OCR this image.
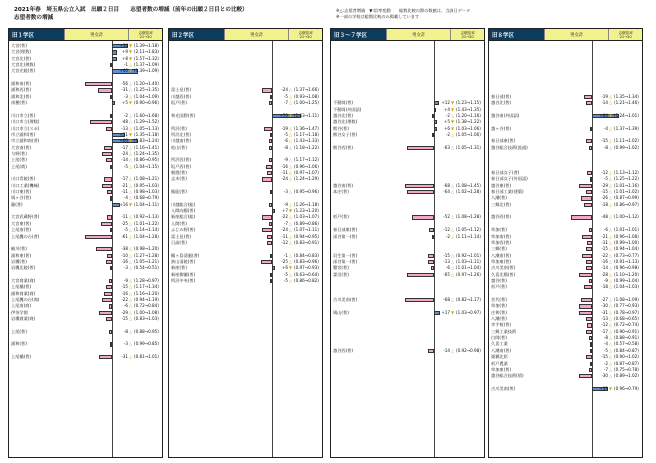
2021年春　埼玉県公立入試　出願２日目　　志望者数の増減（前年の出願２日目との比較）
志望者数の増減
※△:志望者増減　▼:倍率変動　　総数比較の際の数値は、当該日データ
※一部の学校は総数比較のみ掲載しています
旧１学区	男女計	志願倍率
21→20
大宮(普)	+36 ▼ (1.39→1.18)
大宮(理数)	+9 ▼ (2.11→1.83)
大宮北(普)	+8 ▼ (1.57→1.32)
大宮北(理数)	-1 △ (1.37→1.09)
大宮光陵(普)	+40 ▼ (1.39→1.09)
浦和南(普)	-56 △ (1.20→1.40)
浦和西(普)	-31 △ (1.25→1.35)
浦和北(普)	-3 △ (1.04→1.09)
南稜(普)	+5 ▼ (0.90→0.96)
川口市立(普)	-2 △ (1.60→1.68)
川口市立(理数)	-48 △ (1.29→1.52)
川口市立(スポ)	-13 △ (1.05→1.13)
市立浦和(普)	+31 ▼ (1.35→1.18)
市立浦和南(普)	+60 ▼ (1.83→1.24)
大宮南(普)	-17 △ (1.16→1.41)
与野(普)	-24 △ (1.24→1.35)
上尾(普)	-14 △ (0.86→0.95)
上尾(商)	-5 △ (1.04→1.15)
川口青陵(普)	-17 △ (1.08→1.21)
川口工業(機械)	-21 △ (0.95→1.03)
川口東(普)	-11 △ (0.98→1.03)
鳩ヶ谷(普)	-4 △ (0.68→0.79)
蕨(普)	+16 ▼ (1.04→1.11)
大宮武蔵野(普)	-11 △ (0.92→1.13)
大宮東(普)	-25 △ (1.01→1.22)
上尾南(普)	-5 △ (1.14→1.14)
上尾鷹の台(普)	-61 △ (1.04→1.28)
桶川(普)	-38 △ (0.98→1.20)
浦和東(普)	-10 △ (1.27→1.28)
岩槻(普)	-16 △ (1.05→1.21)
岩槻北陵(普)	-3 △ (0.54→0.51)
大宮商業(商)	-9 △ (1.28→0.97)
上尾橘(普)	-15 △ (1.17→1.34)
浦和商業(商)	-16 △ (1.16→1.20)
上尾鷹の台(商)	-22 △ (0.94→1.19)
上尾南(商)	-6 △ (0.72→0.84)
伊奈学園	-29 △ (1.00→1.08)
岩槻商業(商)	-15 △ (0.83→1.03)
上尾(普)	-8 △ (0.88→0.95)
浦和(普)	-3 △ (0.99→0.85)
上尾橘(普)	-31 △ (0.81→1.01)
旧２学区	男女計	志願倍率
21→20
富士見(普)	-24 △ (1.37→1.66)
川越西(普)	-5 △ (0.93→1.08)
坂戸(普)	-7 △ (1.00→1.25)
和光国際(普)	+70 ▼ (1.63→1.11)
所沢(普)	-19 △ (1.36→1.47)
所沢北(普)	-5 △ (1.17→1.18)
川越南(普)	-6 △ (1.43→1.33)
松山(普)	-8 △ (1.18→1.22)
所沢西(普)	-9 △ (1.17→1.12)
坂戸西(普)	-16 △ (0.96→1.06)
朝霞(普)	-11 △ (0.97→1.07)
志木(普)	-24 △ (1.24→1.29)
飯能(普)	-3 △ (0.95→0.96)
川越総合(総)	-9 △ (1.26→1.18)
入間向陽(普)	+7 ▼ (1.23→1.20)
新座総合(総)	-22 △ (1.03→1.07)
入間(普)	-7 △ (0.89→0.86)
ふじみ野(普)	-24 △ (1.07→1.11)
富士見(普)	-11 △ (0.94→0.95)
日高(普)	-12 △ (0.83→0.91)
鶴ヶ島清風(普)	-1 △ (0.84→0.83)
狭山清陵(普)	-25 △ (0.83→0.96)
新座(普)	+6 ▼ (0.97→0.93)
新座柳瀬(普)	-5 △ (0.63→0.64)
所沢中央(普)	-5 △ (0.86→0.82)
旧３～７学区	男女計	志願倍率
21→20
不動岡(普)	+12 ▼ (1.23→1.15)
不動岡(外国語)	+4 ▼ (1.43→1.35)
越谷北(普)	-2 △ (1.20→1.16)
越谷北(理数)	+5 ▼ (1.38→1.22)
熊谷(普)	+6 ▼ (1.03→1.06)
熊谷女子(普)	-2 △ (1.05→1.06)
熊谷西(普)	-63 △ (1.05→1.31)
越谷南(普)	-68 △ (1.08→1.45)
本庄(普)	-64 △ (1.02→1.28)
杉戸(普)	-52 △ (1.08→1.28)
春日部東(普)	-12 △ (1.05→1.12)
深谷第一(普)	-2 △ (1.11→1.14)
羽生第一(普)	-15 △ (0.92→1.01)
深谷第一(普)	-13 △ (1.03→1.11)
鷲宮(普)	-6 △ (1.01→1.04)
妻沼(普)	-65 △ (0.97→1.26)
吉川美南(普)	-68 △ (0.82→1.17)
鳩山(普)	+17 ▼ (1.03→0.97)
越谷西(普)	-14 △ (0.92→0.98)
旧８学区	男女計	志願倍率
21→20
春日部(普)	-19 △ (1.35→1.34)
越谷北(普)	-14 △ (1.21→1.46)
越谷南(外国語)	+64 ▼ (1.24→1.01)
越ヶ谷(普)	-4 △ (1.37→1.39)
春日部東(普)	-15 △ (1.11→1.02)
越谷総合技術(流通)	-8 △ (0.99→1.02)
春日部女子(普)	-12 △ (1.13→1.12)
春日部女子(外国語)	-5 △ (1.25→1.22)
越谷東(普)	-29 △ (1.01→1.16)
春日部工業(建築)	-15 △ (1.01→1.02)
八潮(普)	-26 △ (0.87→0.99)
三郷北(普)	-18 △ (0.86→0.97)
越谷西(普)	-48 △ (1.00→1.12)
草加(普)	-6 △ (1.01→1.01)
草加南(普)	-21 △ (0.96→1.08)
草加西(普)	-11 △ (0.99→1.00)
三郷(普)	-15 △ (0.94→1.04)
八潮南(普)	-22 △ (0.73→0.77)
草加東(普)	-16 △ (0.91→1.13)
吉川美南(普)	-14 △ (0.96→0.98)
久喜北陽(普)	-28 △ (1.10→1.20)
越谷(普)	-9 △ (0.99→1.04)
杉戸(普)	-18 △ (1.04→1.03)
宮代(普)	-27 △ (1.08→1.09)
草加(普)	-30 △ (0.77→0.93)
庄和(普)	-31 △ (0.78→0.97)
八潮(普)	-13 △ (0.68→0.65)
幸手桜(普)	-12 △ (0.72→0.74)
三郷工業技術	-17 △ (0.90→0.91)
白岡(普)	-8 △ (0.88→0.91)
久喜工業	-4 △ (0.57→0.58)
八潮南(普)	-5 △ (0.84→0.87)
栗橋北彩	-15 △ (0.90→1.02)
杉戸農業	-2 △ (0.87→0.87)
草加東(普)	-7 △ (0.75→0.78)
越谷総合技術(情)	-30 △ (0.89→1.02)
吉川美南(普)	+39 ▼ (0.96→0.79)
